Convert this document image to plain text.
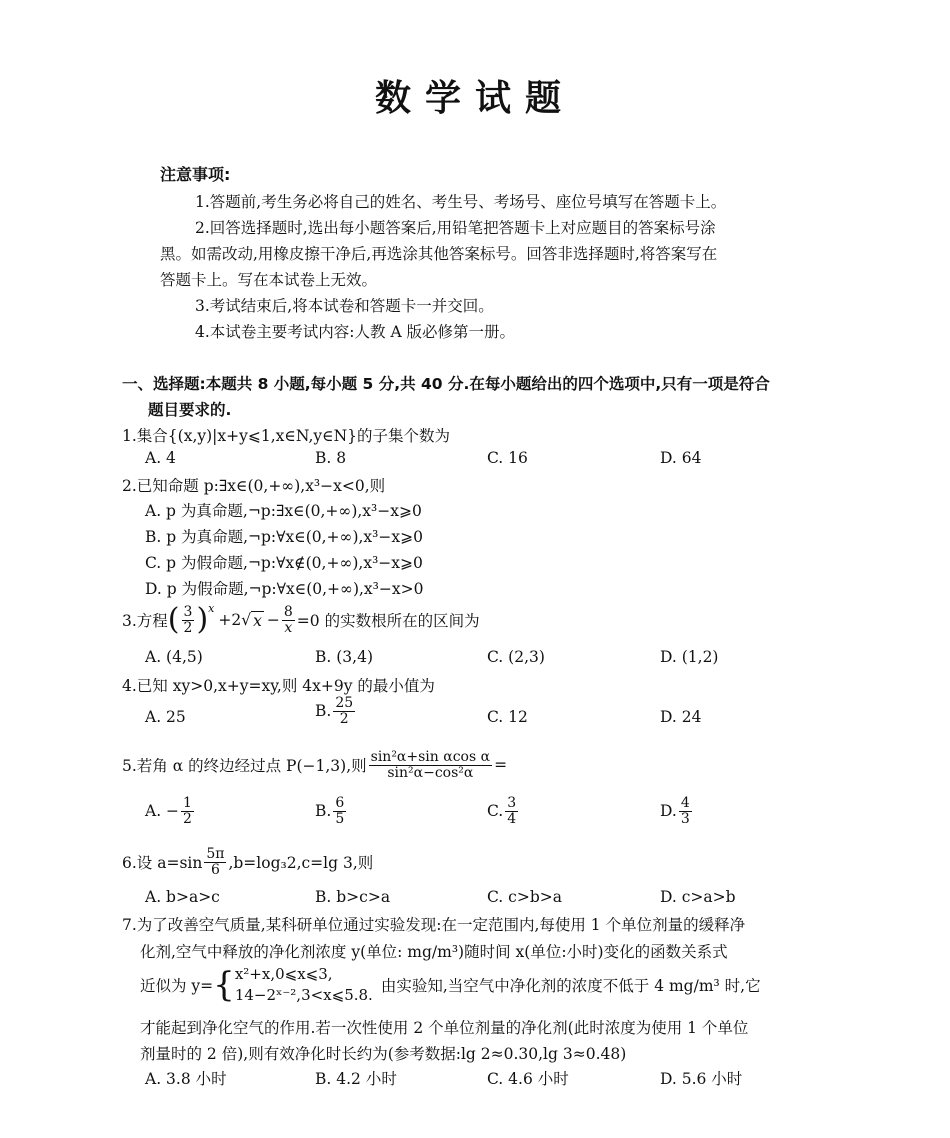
数学试题
注意事项:
1.答题前,考生务必将自己的姓名、考生号、考场号、座位号填写在答题卡上。
2.回答选择题时,选出每小题答案后,用铅笔把答题卡上对应题目的答案标号涂
黑。如需改动,用橡皮擦干净后,再选涂其他答案标号。回答非选择题时,将答案写在
答题卡上。写在本试卷上无效。
3.考试结束后,将本试卷和答题卡一并交回。
4.本试卷主要考试内容:人教 A 版必修第一册。
一、选择题:本题共 8 小题,每小题 5 分,共 40 分.在每小题给出的四个选项中,只有一项是符合
题目要求的.
1.集合{(x,y)|x+y⩽1,x∈N,y∈N}的子集个数为
A. 4	B. 8	C. 16	D. 64
2.已知命题 p:∃x∈(0,+∞),x³−x<0,则
A. p 为真命题,¬p:∃x∈(0,+∞),x³−x⩾0
B. p 为真命题,¬p:∀x∈(0,+∞),x³−x⩾0
C. p 为假命题,¬p:∀x∉(0,+∞),x³−x⩾0
D. p 为假命题,¬p:∀x∈(0,+∞),x³−x>0
3.方程 ( $\frac{3}{2}$ ) x
+2 √ $x - \frac{8}{x} =0$ 的实数根所在的区间为
A. (4,5)	B. (3,4)	C. (2,3)	D. (1,2)
4.已知 xy>0,x+y=xy,则 4x+9y 的最小值为
A. 25	B. $\frac{25}{2}$	C. 12	D. 24
5.若角 α 的终边经过点 P(−1,3),则 $\frac{\text{sin²α+sin αcos α}}{\text{sin²α−cos²α}}$ =
A. − $\frac{1}{2}$	B. $\frac{6}{5}$	C. $\frac{3}{4}$	D. $\frac{4}{3}$
6.设 $a=\sin \frac{5\pi}{6} ,b=\log_32,c=\lg$ 3,则
A. b>a>c	B. b>c>a	C. c>b>a	D. c>a>b
7.为了改善空气质量,某科研单位通过实验发现:在一定范围内,每使用 1 个单位剂量的缓释净
化剂,空气中释放的净化剂浓度 y(单位: mg/m³)随时间 x(单位:小时)变化的函数关系式
近似为 y= { x²+x,0⩽x⩽3,
14−2ˣ⁻²,3<x⩽5.8. 由实验知,当空气中净化剂的浓度不低于 4 mg/m³ 时,它
才能起到净化空气的作用.若一次性使用 2 个单位剂量的净化剂(此时浓度为使用 1 个单位
剂量时的 2 倍),则有效净化时长约为(参考数据:lg 2≈0.30,lg 3≈0.48)
A. 3.8 小时	B. 4.2 小时	C. 4.6 小时	D. 5.6 小时
